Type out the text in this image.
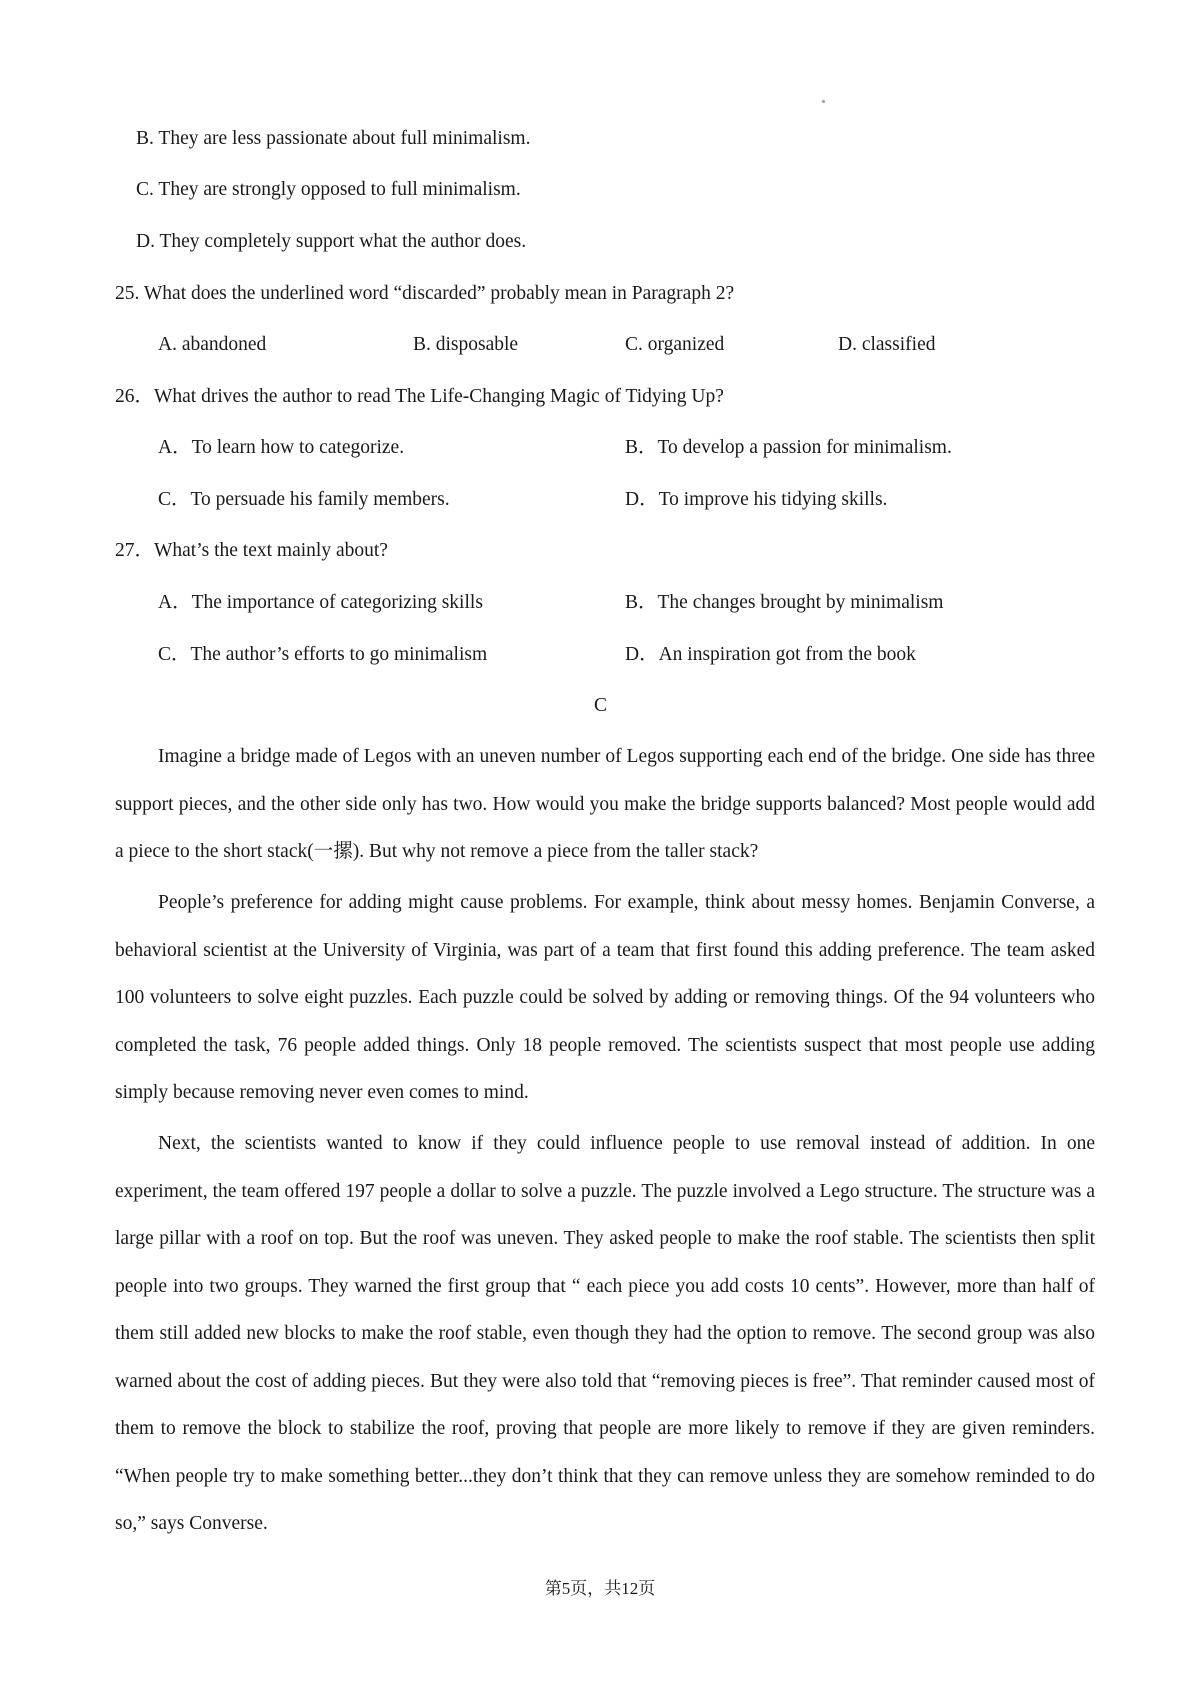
B. They are less passionate about full minimalism.
C. They are strongly opposed to full minimalism.
D. They completely support what the author does.
25. What does the underlined word “discarded” probably mean in Paragraph 2?
A. abandoned	B. disposable	C. organized	D. classified
26．What drives the author to read The Life-Changing Magic of Tidying Up?
A．To learn how to categorize.	B．To develop a passion for minimalism.
C．To persuade his family members.	D．To improve his tidying skills.
27．What’s the text mainly about?
A．The importance of categorizing skills	B．The changes brought by minimalism
C．The author’s efforts to go minimalism	D．An inspiration got from the book
C
Imagine a bridge made of Legos with an uneven number of Legos supporting each end of the bridge. One side has three support pieces, and the other side only has two. How would you make the bridge supports balanced? Most people would add a piece to the short stack(一摞). But why not remove a piece from the taller stack?
People’s preference for adding might cause problems. For example, think about messy homes. Benjamin Converse, a behavioral scientist at the University of Virginia, was part of a team that first found this adding preference. The team asked 100 volunteers to solve eight puzzles. Each puzzle could be solved by adding or removing things. Of the 94 volunteers who completed the task, 76 people added things. Only 18 people removed. The scientists suspect that most people use adding simply because removing never even comes to mind.
Next, the scientists wanted to know if they could influence people to use removal instead of addition. In one experiment, the team offered 197 people a dollar to solve a puzzle. The puzzle involved a Lego structure. The structure was a large pillar with a roof on top. But the roof was uneven. They asked people to make the roof stable. The scientists then split people into two groups. They warned the first group that “ each piece you add costs 10 cents”. However, more than half of them still added new blocks to make the roof stable, even though they had the option to remove. The second group was also warned about the cost of adding pieces. But they were also told that “removing pieces is free”. That reminder caused most of them to remove the block to stabilize the roof, proving that people are more likely to remove if they are given reminders. “When people try to make something better...they don’t think that they can remove unless they are somehow reminded to do so,” says Converse.
第5页，共12页
